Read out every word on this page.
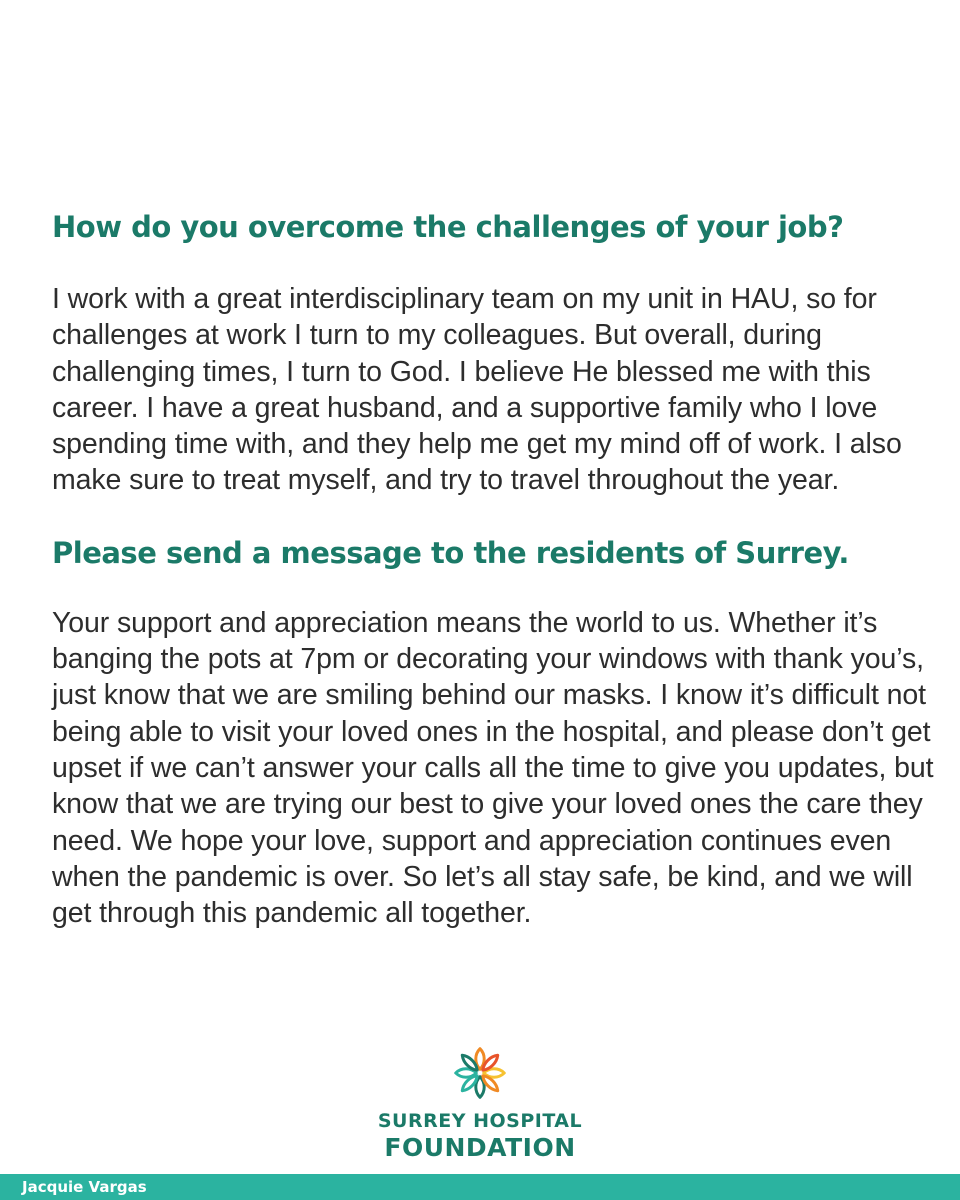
How do you overcome the challenges of your job?

I work with a great interdisciplinary team on my unit in HAU, so for challenges at work I turn to my colleagues. But overall, during challenging times, I turn to God. I believe He blessed me with this career. I have a great husband, and a supportive family who I love spending time with, and they help me get my mind off of work. I also make sure to treat myself, and try to travel throughout the year.

Please send a message to the residents of Surrey.

Your support and appreciation means the world to us. Whether it’s banging the pots at 7pm or decorating your windows with thank you’s, just know that we are smiling behind our masks. I know it’s difficult not being able to visit your loved ones in the hospital, and please don’t get upset if we can’t answer your calls all the time to give you updates, but know that we are trying our best to give your loved ones the care they need. We hope your love, support and appreciation continues even when the pandemic is over. So let’s all stay safe, be kind, and we will get through this pandemic all together.

SURREY HOSPITAL
FOUNDATION
Jacquie Vargas
